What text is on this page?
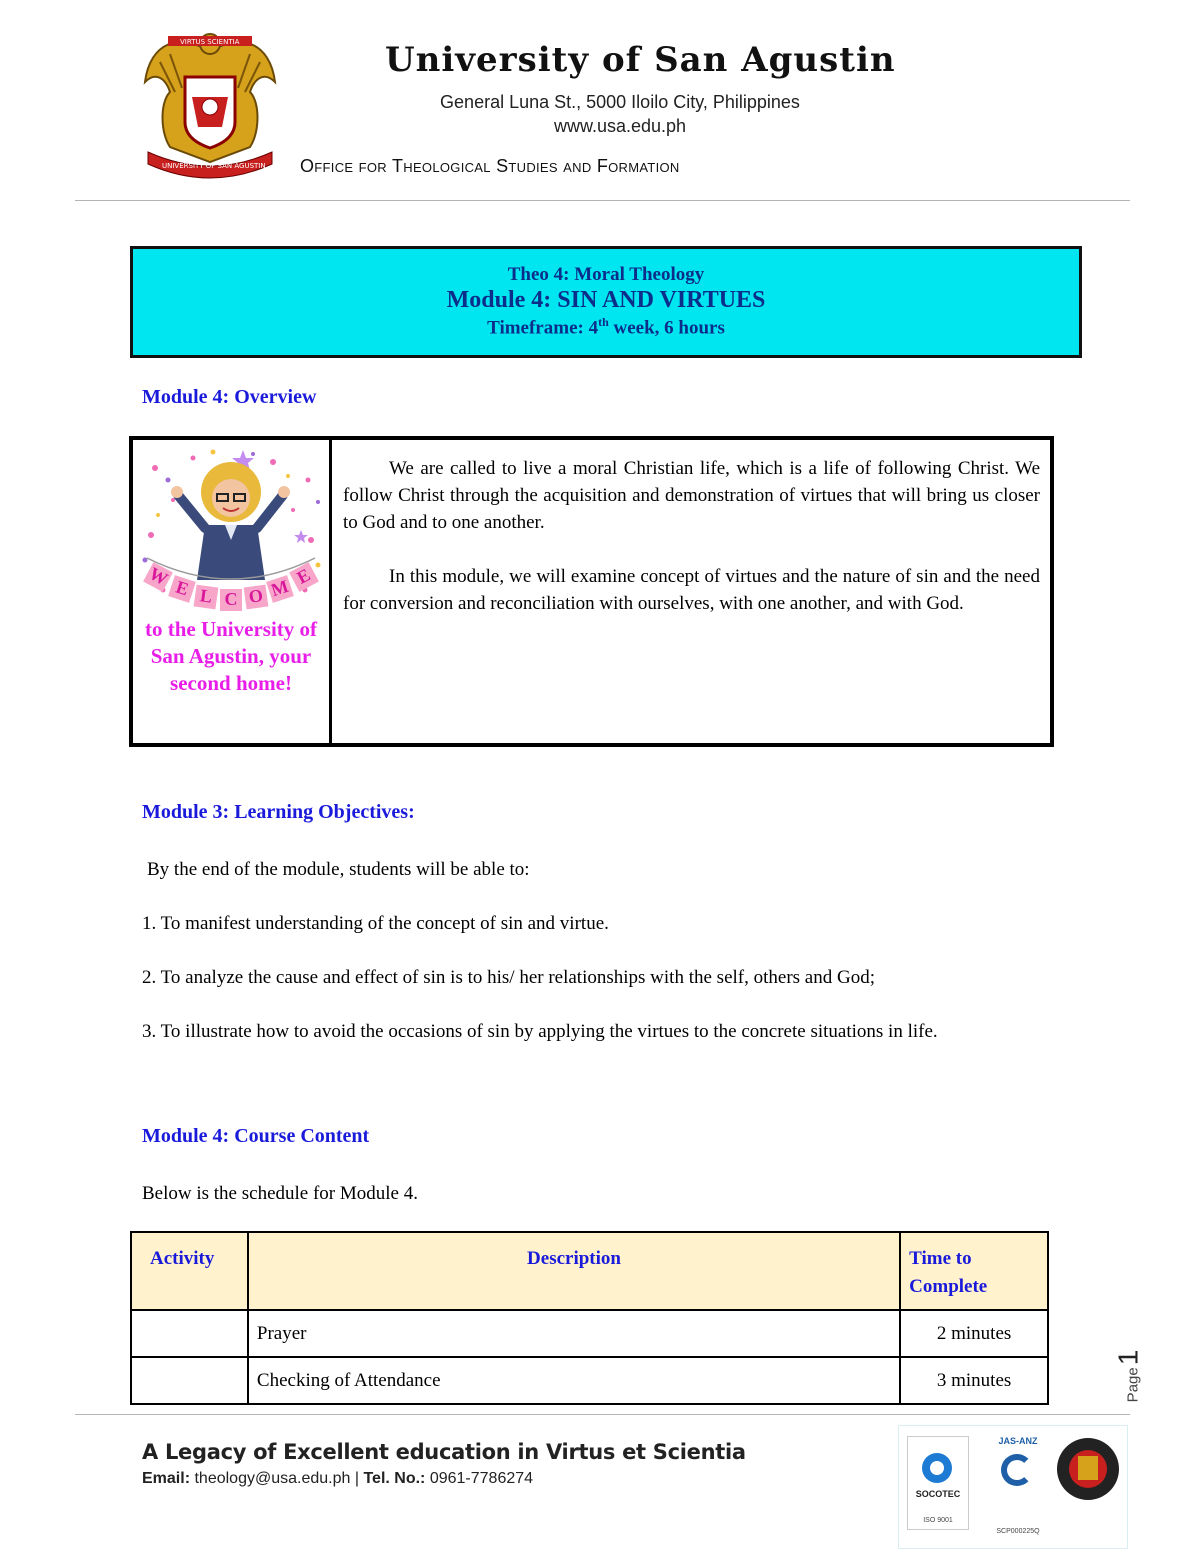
VIRTUS SCIENTIA
UNIVERSITY OF SAN AGUSTIN
University of San Agustin
General Luna St., 5000 Iloilo City, Philippines
www.usa.edu.ph
Office for Theological Studies and Formation
Theo 4: Moral Theology
Module 4: SIN AND VIRTUES
Timeframe: 4th week, 6 hours
Module 4: Overview
W E L C O M E
to the University of San Agustin, your second home!

We are called to live a moral Christian life, which is a life of following Christ. We follow Christ through the acquisition and demonstration of virtues that will bring us closer to God and to one another.

In this module, we will examine concept of virtues and the nature of sin and the need for conversion and reconciliation with ourselves, with one another, and with God.

Module 3: Learning Objectives:
By the end of the module, students will be able to:
1. To manifest understanding of the concept of sin and virtue.
2. To analyze the cause and effect of sin is to his/ her relationships with the self, others and God;
3. To illustrate how to avoid the occasions of sin by applying the virtues to the concrete situations in life.
Module 4: Course Content
Below is the schedule for Module 4.
Activity	Description	Time to Complete
	Prayer	2 minutes
	Checking of Attendance	3 minutes	Page1
A Legacy of Excellent education in Virtus et Scientia
Email: theology@usa.edu.ph | Tel. No.: 0961-7786274
SOCOTEC
ISO 9001
JAS-ANZ
SCP000225Q
